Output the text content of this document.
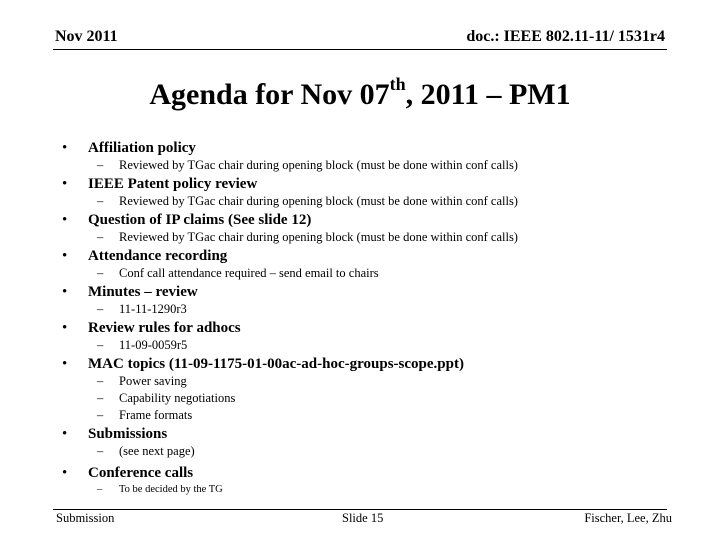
Nov 2011	doc.: IEEE 802.11-11/ 1531r4
Agenda for Nov 07th, 2011 – PM1
• Affiliation policy
– Reviewed by TGac chair during opening block (must be done within conf calls)
• IEEE Patent policy review
– Reviewed by TGac chair during opening block (must be done within conf calls)
• Question of IP claims (See slide 12)
– Reviewed by TGac chair during opening block (must be done within conf calls)
• Attendance recording
– Conf call attendance required – send email to chairs
• Minutes – review
– 11-11-1290r3
• Review rules for adhocs
– 11-09-0059r5
• MAC topics (11-09-1175-01-00ac-ad-hoc-groups-scope.ppt)
– Power saving
– Capability negotiations
– Frame formats
• Submissions
– (see next page)
• Conference calls
– To be decided by the TG
Submission	Slide 15	Fischer, Lee, Zhu
